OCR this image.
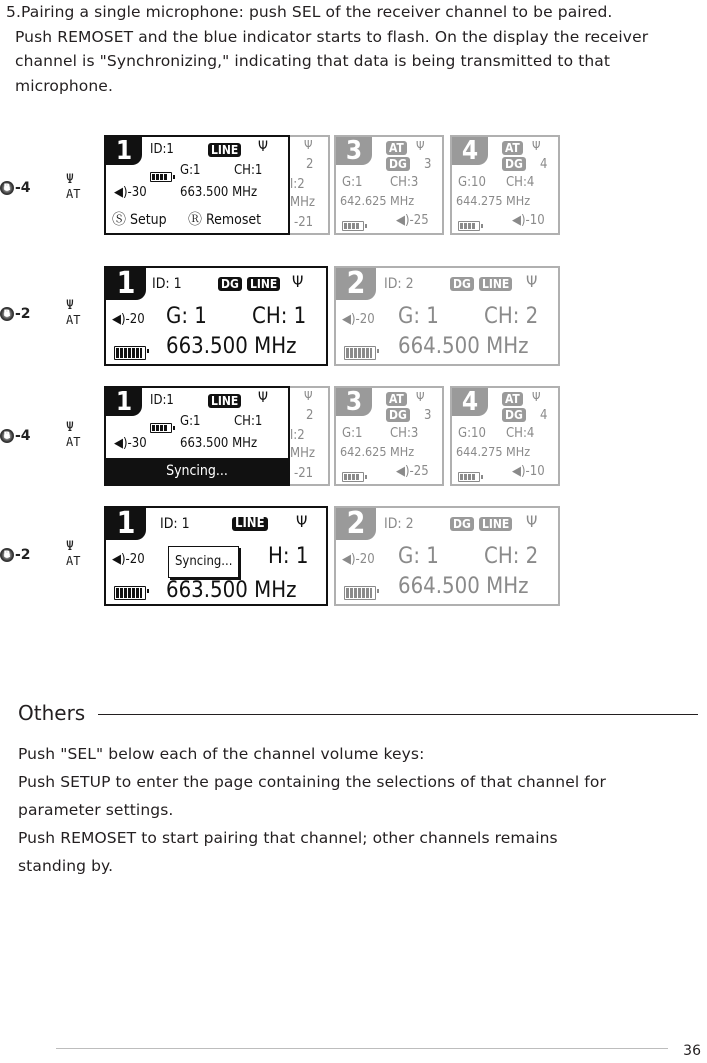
5.Pairing a single microphone: push SEL of the receiver channel to be paired.
Push REMOSET and the blue indicator starts to flash. On the display the receiver
channel is "Synchronizing," indicating that data is being transmitted to that
microphone.
R -4
Ψ
AT
1	ID:1	LINE Ψ
G:1	CH:1
◀)-30	663.500 MHz
Ⓢ Setup Ⓡ Remoset
Ψ
2
l:2
MHz
-21
3	AT
DG
Ψ
3
G:1 CH:3
642.625 MHz
◀)-25
4	AT
DG
Ψ
4
G:10 CH:4
644.275 MHz
◀)-10
R -2
Ψ
AT
1	ID: 1	DG LINE Ψ
◀)-20 G: 1 CH: 1
663.500 MHz
2	ID: 2	DG LINE Ψ
◀)-20 G: 1 CH: 2
664.500 MHz
R -4
Ψ
AT
1	ID:1	LINE Ψ
G:1	CH:1
◀)-30	663.500 MHz
Syncing...
Ψ
2
l:2
MHz
-21
3	AT
DG
Ψ
3
G:1 CH:3
642.625 MHz
◀)-25
4	AT
DG
Ψ
4
G:10 CH:4
644.275 MHz
◀)-10
R -2
Ψ
AT
1	ID: 1	LINE Ψ
◀)-20	H: 1
663.500 MHz
Syncing...
2	ID: 2	DG LINE Ψ
◀)-20 G: 1 CH: 2
664.500 MHz
Others
Push "SEL" below each of the channel volume keys:
Push SETUP to enter the page containing the selections of that channel for
parameter settings.
Push REMOSET to start pairing that channel; other channels remains
standing by.
36
